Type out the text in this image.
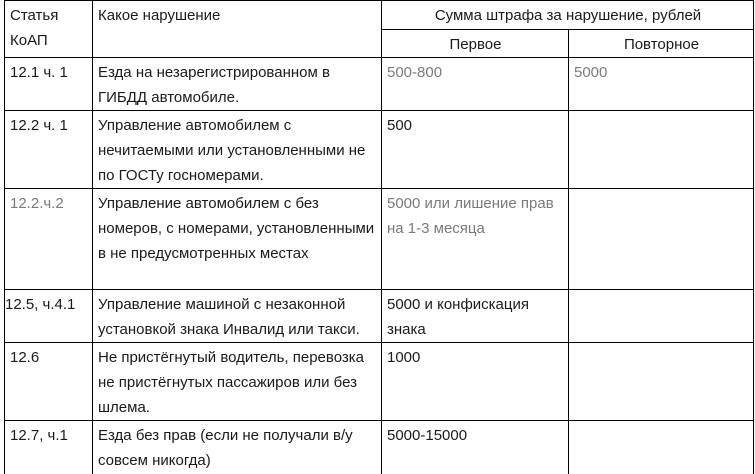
Статья КоАП	Какое нарушение	Сумма штрафа за нарушение, рублей	
		Первое	Повторное
12.1 ч. 1	Езда на незарегистрированном в ГИБДД автомобиле.	500-800	5000
12.2 ч. 1	Управление автомобилем с нечитаемыми или установленными не по ГОСТу госномерами.	500	
12.2.ч.2	Управление автомобилем с без номеров, с номерами, установленными в не предусмотренных местах	5000 или лишение прав на 1-3 месяца	
12.5, ч.4.1	Управление машиной с незаконной установкой знака Инвалид или такси.	5000 и конфискация знака	
12.6	Не пристёгнутый водитель, перевозка не пристёгнутых пассажиров или без шлема.	1000	
12.7, ч.1	Езда без прав (если не получали в/у совсем никогда)	5000-15000	
